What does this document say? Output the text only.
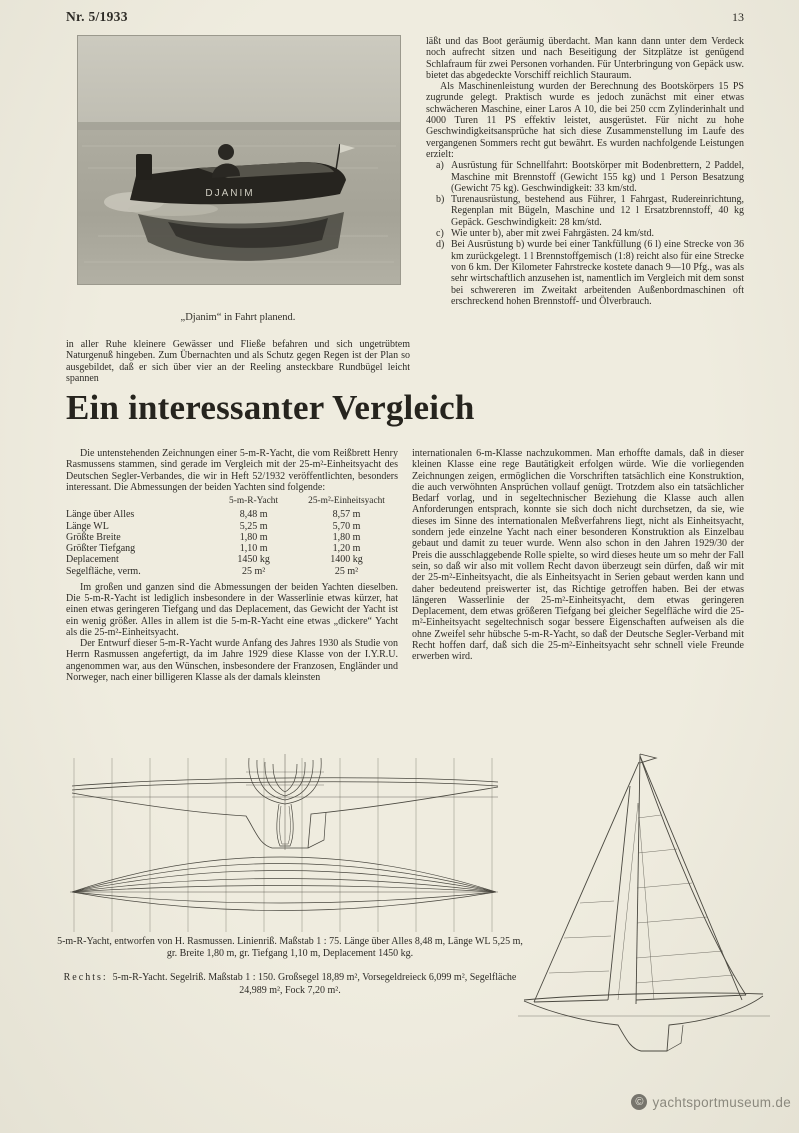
Nr. 5/1933	13
DJANIM
„Djanim“ in Fahrt planend.
in aller Ruhe kleinere Gewässer und Fließe befahren und sich ungetrübtem Naturgenuß hingeben. Zum Übernachten und als Schutz gegen Regen ist der Plan so ausgebildet, daß er sich über vier an der Reeling ansteckbare Rundbügel leicht spannen

läßt und das Boot geräumig überdacht. Man kann dann unter dem Verdeck noch aufrecht sitzen und nach Beseitigung der Sitzplätze ist genügend Schlafraum für zwei Personen vorhanden. Für Unterbringung von Gepäck usw. bietet das abgedeckte Vorschiff reichlich Stauraum.

Als Maschinenleistung wurden der Berechnung des Bootskörpers 15 PS zugrunde gelegt. Praktisch wurde es jedoch zunächst mit einer etwas schwächeren Maschine, einer Laros A 10, die bei 250 ccm Zylinderinhalt und 4000 Turen 11 PS effektiv leistet, ausgerüstet. Für nicht zu hohe Geschwindigkeitsansprüche hat sich diese Zusammenstellung im Laufe des vergangenen Sommers recht gut bewährt. Es wurden nachfolgende Leistungen erzielt:

a) Ausrüstung für Schnellfahrt: Bootskörper mit Bodenbrettern, 2 Paddel, Maschine mit Brennstoff (Gewicht 155 kg) und 1 Person Besatzung (Gewicht 75 kg). Geschwindigkeit: 33 km/std.
b) Turenausrüstung, bestehend aus Führer, 1 Fahrgast, Rudereinrichtung, Regenplan mit Bügeln, Maschine und 12 l Ersatzbrennstoff, 40 kg Gepäck. Geschwindigkeit: 28 km/std.
c) Wie unter b), aber mit zwei Fahrgästen. 24 km/std.
d) Bei Ausrüstung b) wurde bei einer Tankfüllung (6 l) eine Strecke von 36 km zurückgelegt. 1 l Brennstoffgemisch (1:8) reicht also für eine Strecke von 6 km. Der Kilometer Fahrstrecke kostete danach 9—10 Pfg., was als sehr wirtschaftlich anzusehen ist, namentlich im Vergleich mit dem sonst bei schwereren im Zweitakt arbeitenden Außenbordmaschinen oft erschreckend hohen Brennstoff- und Ölverbrauch.
Ein interessanter Vergleich

Die untenstehenden Zeichnungen einer 5-m-R-Yacht, die vom Reißbrett Henry Rasmussens stammen, sind gerade im Vergleich mit der 25-m²-Einheitsyacht des Deutschen Segler-Verbandes, die wir in Heft 52/1932 veröffentlichten, besonders interessant. Die Abmessungen der beiden Yachten sind folgende:

	5-m-R-Yacht	25-m²-Einheitsyacht
Länge über Alles	8,48 m	8,57 m
Länge WL	5,25 m	5,70 m
Größte Breite	1,80 m	1,80 m
Größter Tiefgang	1,10 m	1,20 m
Deplacement	1450 kg	1400 kg
Segelfläche, verm.	25 m²	25 m²

Im großen und ganzen sind die Abmessungen der beiden Yachten dieselben. Die 5-m-R-Yacht ist lediglich insbesondere in der Wasserlinie etwas kürzer, hat einen etwas geringeren Tiefgang und das Deplacement, das Gewicht der Yacht ist ein wenig größer. Alles in allem ist die 5-m-R-Yacht eine etwas „dickere“ Yacht als die 25-m²-Einheitsyacht.

Der Entwurf dieser 5-m-R-Yacht wurde Anfang des Jahres 1930 als Studie von Herrn Rasmussen angefertigt, da im Jahre 1929 diese Klasse von der I.Y.R.U. angenommen war, aus den Wünschen, insbesondere der Franzosen, Engländer und Norweger, nach einer billigeren Klasse als der damals kleinsten

internationalen 6-m-Klasse nachzukommen. Man erhoffte damals, daß in dieser kleinen Klasse eine rege Bautätigkeit erfolgen würde. Wie die vorliegenden Zeichnungen zeigen, ermöglichen die Vorschriften tatsächlich eine Konstruktion, die auch verwöhnten Ansprüchen vollauf genügt. Trotzdem also ein tatsächlicher Bedarf vorlag, und in segeltechnischer Beziehung die Klasse auch allen Anforderungen entsprach, konnte sie sich doch nicht durchsetzen, da sie, wie dieses im Sinne des internationalen Meßverfahrens liegt, nicht als Einheitsyacht, sondern jede einzelne Yacht nach einer besonderen Konstruktion als Einzelbau gebaut und damit zu teuer wurde. Wenn also schon in den Jahren 1929/30 der Preis die ausschlaggebende Rolle spielte, so wird dieses heute um so mehr der Fall sein, so daß wir also mit vollem Recht davon überzeugt sein dürfen, daß wir mit der 25-m²-Einheitsyacht, die als Einheitsyacht in Serien gebaut werden kann und daher bedeutend preiswerter ist, das Richtige getroffen haben. Bei der etwas längeren Wasserlinie der 25-m²-Einheitsyacht, dem etwas geringeren Deplacement, dem etwas größeren Tiefgang bei gleicher Segelfläche wird die 25-m²-Einheitsyacht segeltechnisch sogar bessere Eigenschaften aufweisen als die ohne Zweifel sehr hübsche 5-m-R-Yacht, so daß der Deutsche Segler-Verband mit Recht hoffen darf, daß sich die 25-m²-Einheitsyacht sehr schnell viele Freunde erwerben wird.

5-m-R-Yacht, entworfen von H. Rasmussen. Linienriß. Maßstab 1 : 75. Länge über Alles 8,48 m, Länge WL 5,25 m, gr. Breite 1,80 m, gr. Tiefgang 1,10 m, Deplacement 1450 kg.
Rechts: 5-m-R-Yacht. Segelriß. Maßstab 1 : 150. Großsegel 18,89 m², Vorsegeldreieck 6,099 m², Segelfläche 24,989 m², Fock 7,20 m².
© yachtsportmuseum.de
